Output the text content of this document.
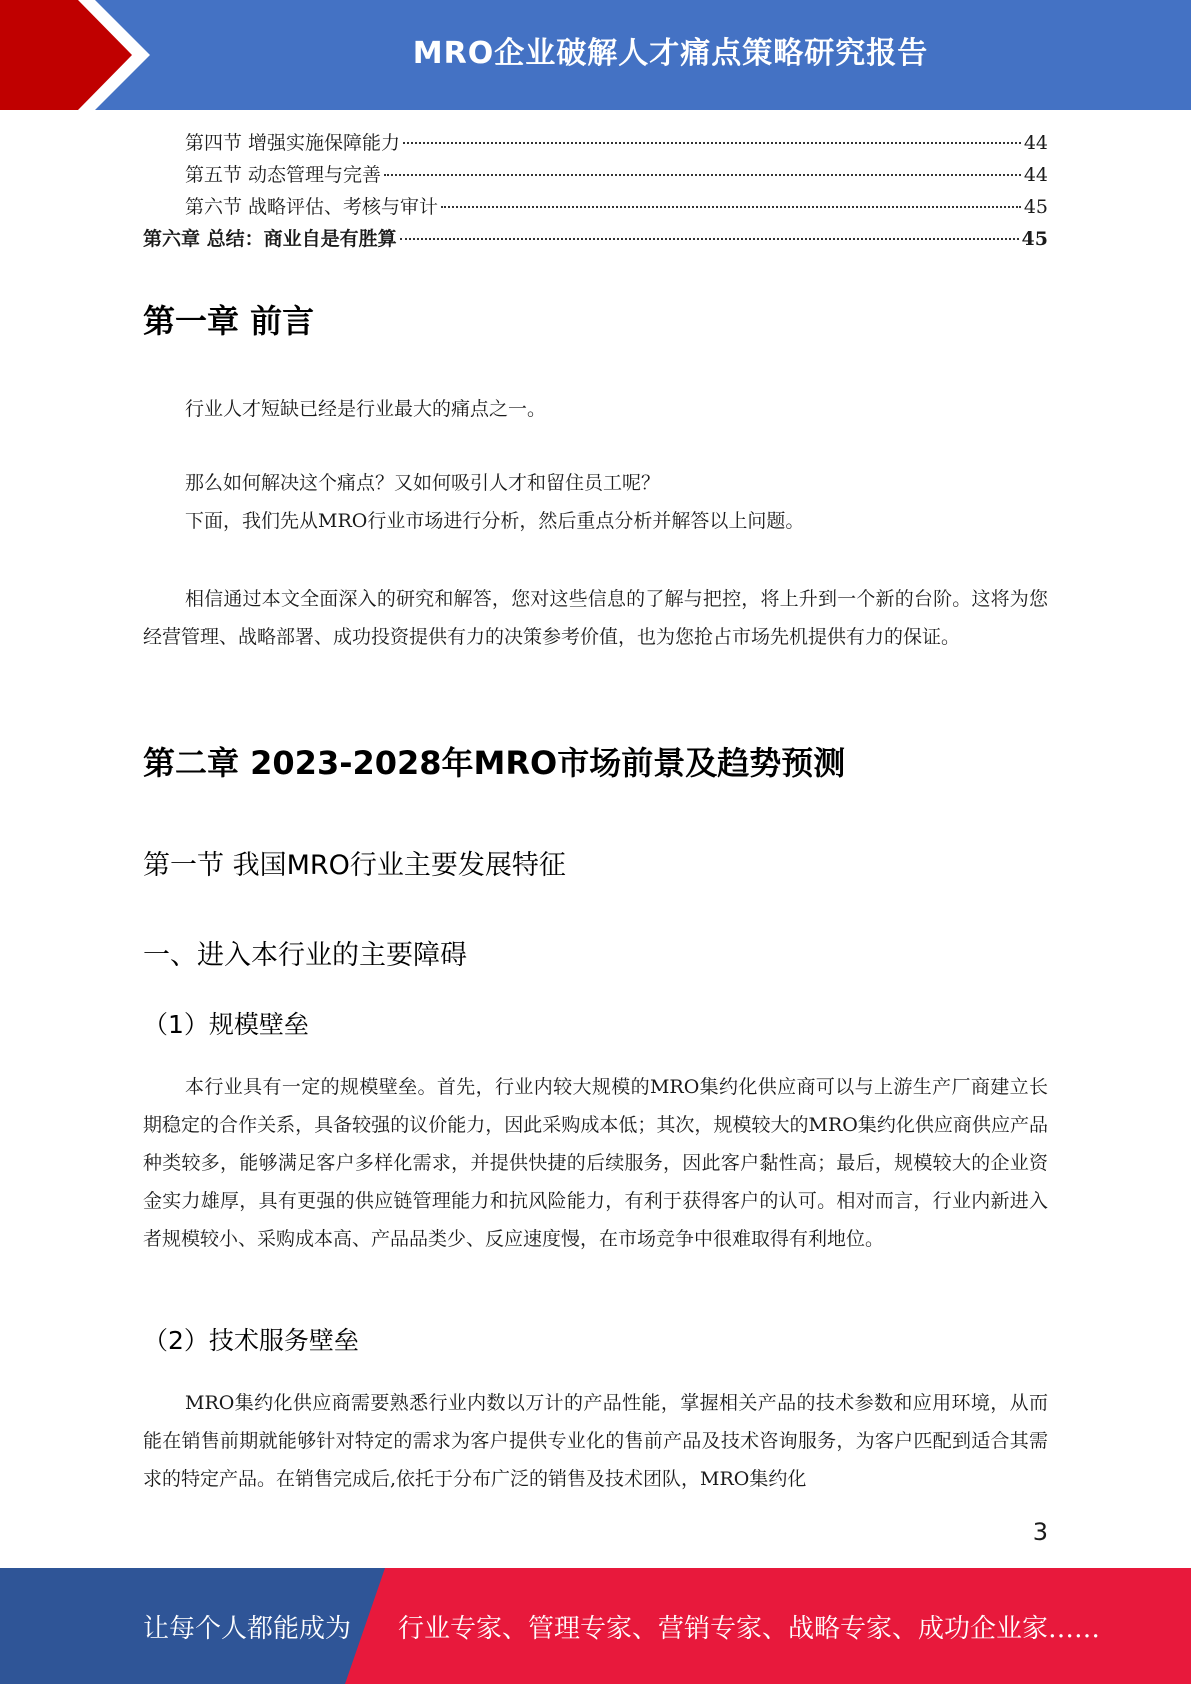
MRO企业破解人才痛点策略研究报告
第四节 增强实施保障能力	44
第五节 动态管理与完善	44
第六节 战略评估、考核与审计	45
第六章 总结：商业自是有胜算	45
第一章 前言
行业人才短缺已经是行业最大的痛点之一。
那么如何解决这个痛点？又如何吸引人才和留住员工呢？
下面，我们先从MRO行业市场进行分析，然后重点分析并解答以上问题。
相信通过本文全面深入的研究和解答，您对这些信息的了解与把控，将上升到一个新的台阶。这将为您经营管理、战略部署、成功投资提供有力的决策参考价值，也为您抢占市场先机提供有力的保证。
第二章 2023-2028年MRO市场前景及趋势预测
第一节 我国MRO行业主要发展特征
一、进入本行业的主要障碍
（1）规模壁垒
本行业具有一定的规模壁垒。首先，行业内较大规模的MRO集约化供应商可以与上游生产厂商建立长期稳定的合作关系，具备较强的议价能力，因此采购成本低；其次，规模较大的MRO集约化供应商供应产品种类较多，能够满足客户多样化需求，并提供快捷的后续服务，因此客户黏性高；最后，规模较大的企业资金实力雄厚，具有更强的供应链管理能力和抗风险能力，有利于获得客户的认可。相对而言，行业内新进入者规模较小、采购成本高、产品品类少、反应速度慢，在市场竞争中很难取得有利地位。
（2）技术服务壁垒
MRO集约化供应商需要熟悉行业内数以万计的产品性能，掌握相关产品的技术参数和应用环境，从而能在销售前期就能够针对特定的需求为客户提供专业化的售前产品及技术咨询服务，为客户匹配到适合其需求的特定产品。在销售完成后,依托于分布广泛的销售及技术团队，MRO集约化
3
让每个人都能成为 行业专家、管理专家、营销专家、战略专家、成功企业家……
